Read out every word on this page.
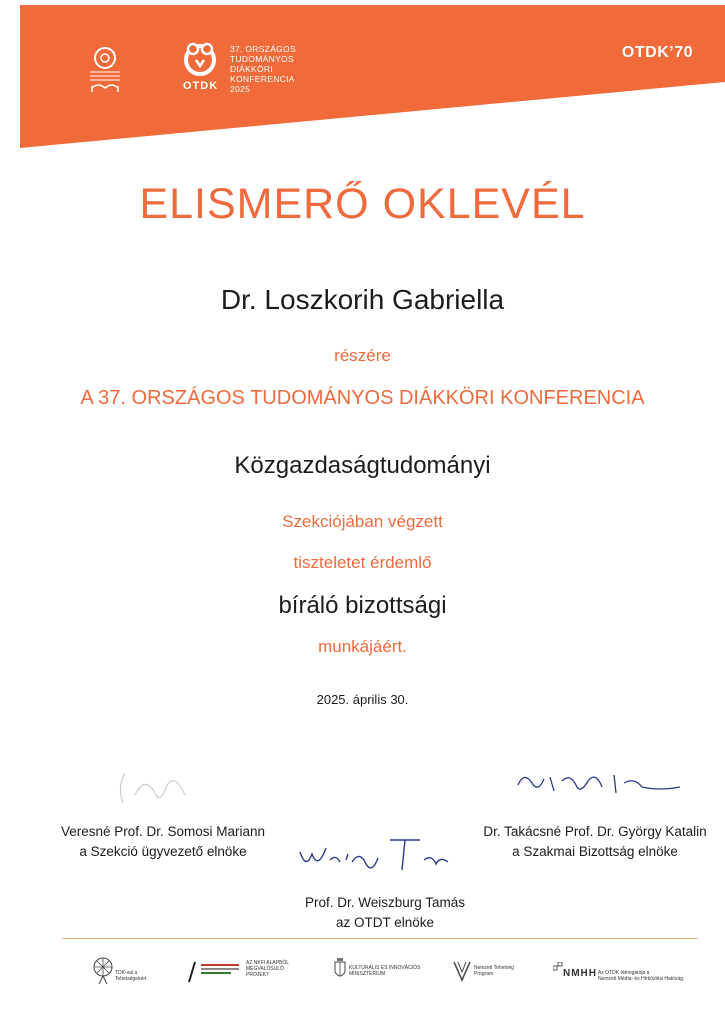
OTDK
37. ORSZÁGOS
TUDOMÁNYOS
DIÁKKÖRI
KONFERENCIA
2025
OTDK’70
ELISMERŐ OKLEVÉL
Dr. Loszkorih Gabriella
részére
A 37. ORSZÁGOS TUDOMÁNYOS DIÁKKÖRI KONFERENCIA
Közgazdaságtudományi
Szekciójában végzett
tiszteletet érdemlő
bíráló bizottsági
munkájáért.
2025. április 30.
Veresné Prof. Dr. Somosi Mariann
a Szekció ügyvezető elnöke
Dr. Takácsné Prof. Dr. György Katalin
a Szakmai Bizottság elnöke
Prof. Dr. Weiszburg Tamás
az OTDT elnöke
TDK-val a Tehetségekért
AZ NKFI ALAPBÓL
MEGVALÓSULÓ
PROJEKT
KULTURÁLIS ÉS INNOVÁCIÓS
MINISZTÉRIUM
Nemzeti Tehetség
Program	NMHH Az OTDK támogatója a
Nemzeti Média- és Hírközlési Hatóság.
